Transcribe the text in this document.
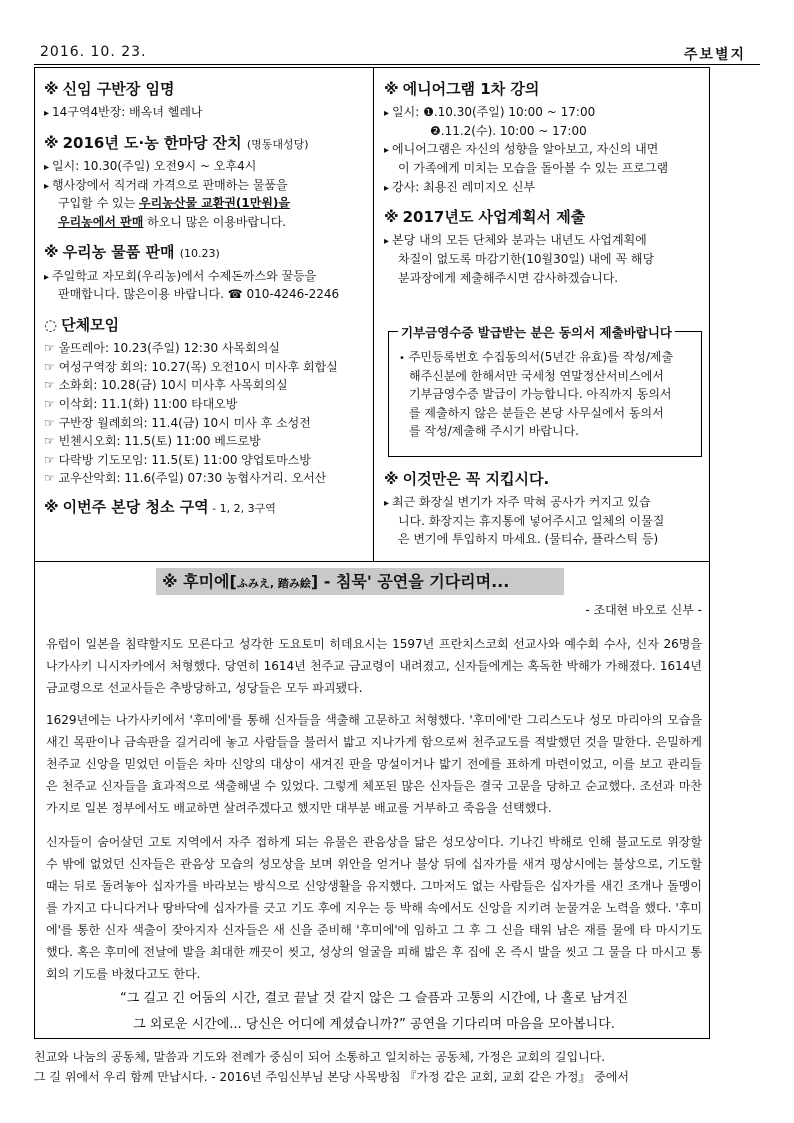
2016. 10. 23.	주보별지
※ 신임 구반장 임명
▸ 14구역4반장: 배옥녀 헬레나
※ 2016년 도·농 한마당 잔치 (명동대성당)
▸ 일시: 10.30(주일) 오전9시 ~ 오후4시
▸ 행사장에서 직거래 가격으로 판매하는 물품을
구입할 수 있는 우리농산물 교환권(1만원)을
우리농에서 판매 하오니 많은 이용바랍니다.
※ 우리농 물품 판매 (10.23)
▸ 주일학교 자모회(우리농)에서 수제돈까스와 꿀등을
판매합니다. 많은이용 바랍니다. ☎ 010-4246-2246
◌ 단체모임
☞ 울뜨레아: 10.23(주일) 12:30 사목회의실
☞ 여성구역장 회의: 10.27(목) 오전10시 미사후 회합실
☞ 소화회: 10.28(금) 10시 미사후 사목회의실
☞ 이삭회: 11.1(화) 11:00 타대오방
☞ 구반장 월례회의: 11.4(금) 10시 미사 후 소성전
☞ 빈첸시오회: 11.5(토) 11:00 베드로방
☞ 다락방 기도모임: 11.5(토) 11:00 양업토마스방
☞ 교우산악회: 11.6(주일) 07:30 농협사거리. 오서산
※ 이번주 본당 청소 구역 - 1, 2, 3구역
※ 에니어그램 1차 강의
▸ 일시: ❶.10.30(주일) 10:00 ~ 17:00
❷.11.2(수). 10:00 ~ 17:00
▸ 에니어그램은 자신의 성향을 알아보고, 자신의 내면
이 가족에게 미치는 모습을 돌아볼 수 있는 프로그램
▸ 강사: 최용진 레미지오 신부
※ 2017년도 사업계획서 제출
▸ 본당 내의 모든 단체와 분과는 내년도 사업계획에
차질이 없도록 마감기한(10월30일) 내에 꼭 해당
분과장에게 제출해주시면 감사하겠습니다.
• 주민등록번호 수집동의서(5년간 유효)를 작성/제출
해주신분에 한해서만 국세청 연말정산서비스에서
기부금영수증 발급이 가능합니다. 아직까지 동의서
를 제출하지 않은 분들은 본당 사무실에서 동의서
를 작성/제출해 주시기 바랍니다.
기부금영수증 발급받는 분은 동의서 제출바랍니다
※ 이것만은 꼭 지킵시다.
▸ 최근 화장실 변기가 자주 막혀 공사가 커지고 있습
니다. 화장지는 휴지통에 넣어주시고 일체의 이물질
은 변기에 투입하지 마세요. (물티슈, 플라스틱 등)
※ 후미에[ふみえ, 踏み絵] - 침묵' 공연을 기다리며...
- 조대현 바오로 신부 -
유럽이 일본을 침략할지도 모른다고 성각한 도요토미 히데요시는 1597년 프란치스코회 선교사와 예수회 수사, 신자 26명을 나가사키 니시자카에서 처형했다. 당연히 1614년 천주교 금교령이 내려졌고, 신자들에게는 혹독한 박해가 가해졌다. 1614년 금교령으로 선교사들은 추방당하고, 성당들은 모두 파괴됐다.
1629년에는 나가사키에서 '후미에'를 통해 신자들을 색출해 고문하고 처형했다. '후미에'란 그리스도나 성모 마리아의 모습을 새긴 목판이나 금속판을 길거리에 놓고 사람들을 불러서 밟고 지나가게 함으로써 천주교도를 적발했던 것을 말한다. 은밀하게 천주교 신앙을 믿었던 이들은 차마 신앙의 대상이 새겨진 판을 망설이거나 밟기 전에를 표하게 마련이었고, 이를 보고 관리들은 천주교 신자들을 효과적으로 색출해낼 수 있었다. 그렇게 체포된 많은 신자들은 결국 고문을 당하고 순교했다. 조선과 마찬가지로 일본 정부에서도 배교하면 살려주겠다고 했지만 대부분 배교를 거부하고 죽음을 선택했다.
신자들이 숨어살던 고토 지역에서 자주 접하게 되는 유물은 관음상을 닮은 성모상이다. 기나긴 박해로 인해 불교도로 위장할 수 밖에 없었던 신자들은 관음상 모습의 성모상을 보며 위안을 얻거나 불상 뒤에 십자가를 새겨 평상시에는 불상으로, 기도할 때는 뒤로 돌려놓아 십자가를 바라보는 방식으로 신앙생활을 유지했다. 그마저도 없는 사람들은 십자가를 새긴 조개나 돌멩이를 가지고 다니다거나 땅바닥에 십자가를 긋고 기도 후에 지우는 등 박해 속에서도 신앙을 지키려 눈물겨운 노력을 했다. '후미에'를 통한 신자 색출이 잦아지자 신자들은 새 신을 준비해 '후미에'에 임하고 그 후 그 신을 태워 남은 재를 물에 타 마시기도 했다. 혹은 후미에 전날에 발을 최대한 깨끗이 씻고, 성상의 얼굴을 피해 밟은 후 집에 온 즉시 발을 씻고 그 물을 다 마시고 통회의 기도를 바쳤다고도 한다.
“그 길고 긴 어둠의 시간, 결코 끝날 것 같지 않은 그 슬픔과 고통의 시간에, 나 홀로 남겨진
그 외로운 시간에... 당신은 어디에 계셨습니까?” 공연을 기다리며 마음을 모아봅니다.
친교와 나눔의 공동체, 말씀과 기도와 전례가 중심이 되어 소통하고 일치하는 공동체, 가정은 교회의 길입니다.
그 길 위에서 우리 함께 만납시다. - 2016년 주임신부님 본당 사목방침 『가정 같은 교회, 교회 같은 가정』 중에서
